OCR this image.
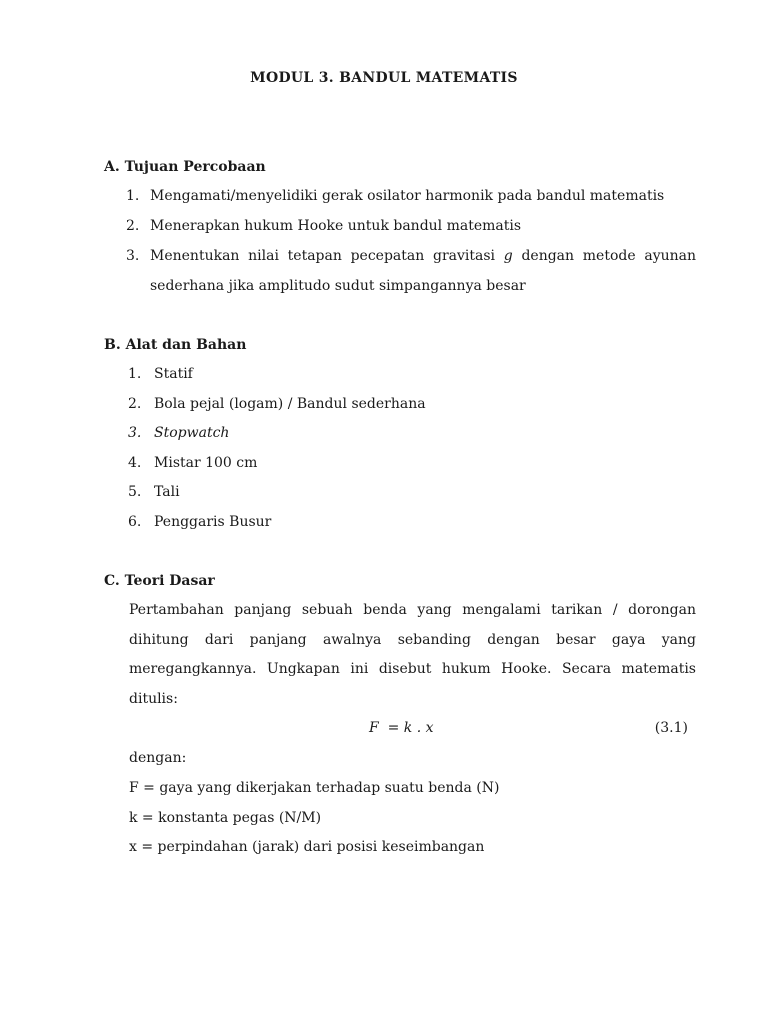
MODUL 3. BANDUL MATEMATIS
A. Tujuan Percobaan
1. Mengamati/menyelidiki gerak osilator harmonik pada bandul matematis
2. Menerapkan hukum Hooke untuk bandul matematis
3. Menentukan nilai tetapan pecepatan gravitasi g dengan metode ayunan
sederhana jika amplitudo sudut simpangannya besar
B. Alat dan Bahan
1. Statif
2. Bola pejal (logam) / Bandul sederhana
3. Stopwatch
4. Mistar 100 cm
5. Tali
6. Penggaris Busur
C. Teori Dasar
Pertambahan panjang sebuah benda yang mengalami tarikan / dorongan
dihitung dari panjang awalnya sebanding dengan besar gaya yang
meregangkannya. Ungkapan ini disebut hukum Hooke. Secara matematis
ditulis:
F  = k . x	(3.1)
dengan:
F = gaya yang dikerjakan terhadap suatu benda (N)
k = konstanta pegas (N/M)
x = perpindahan (jarak) dari posisi keseimbangan
